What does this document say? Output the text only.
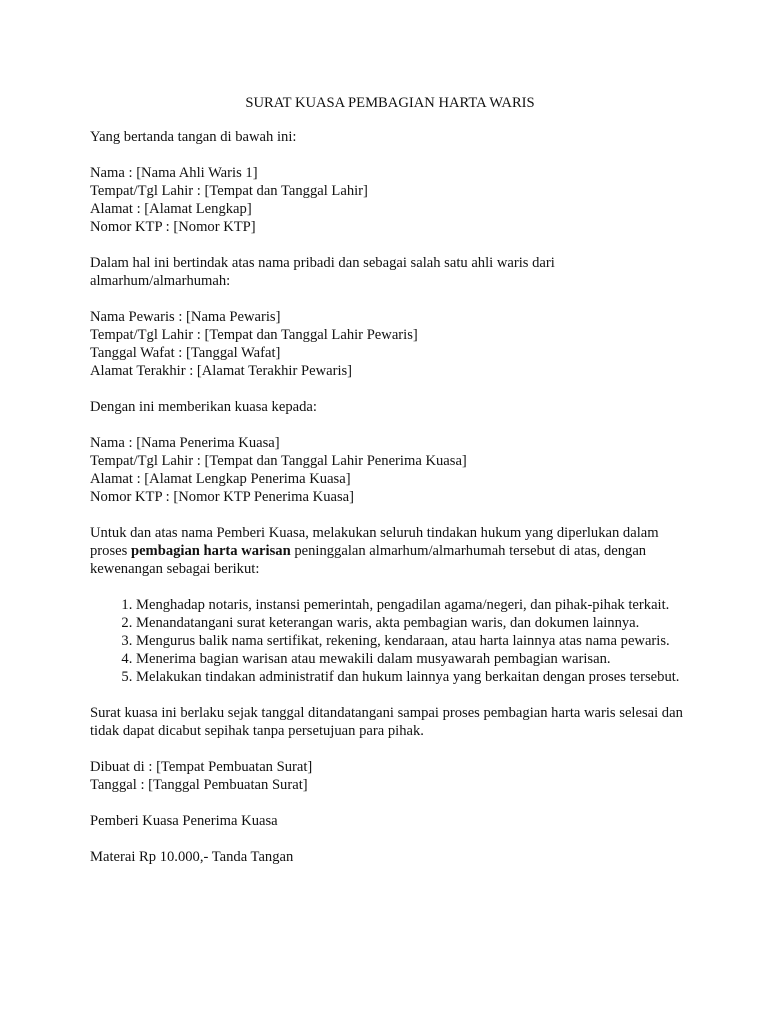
SURAT KUASA PEMBAGIAN HARTA WARIS

Yang bertanda tangan di bawah ini:

Nama : [Nama Ahli Waris 1]
Tempat/Tgl Lahir : [Tempat dan Tanggal Lahir]
Alamat : [Alamat Lengkap]
Nomor KTP : [Nomor KTP]

Dalam hal ini bertindak atas nama pribadi dan sebagai salah satu ahli waris dari almarhum/almarhumah:

Nama Pewaris : [Nama Pewaris]
Tempat/Tgl Lahir : [Tempat dan Tanggal Lahir Pewaris]
Tanggal Wafat : [Tanggal Wafat]
Alamat Terakhir : [Alamat Terakhir Pewaris]

Dengan ini memberikan kuasa kepada:

Nama : [Nama Penerima Kuasa]
Tempat/Tgl Lahir : [Tempat dan Tanggal Lahir Penerima Kuasa]
Alamat : [Alamat Lengkap Penerima Kuasa]
Nomor KTP : [Nomor KTP Penerima Kuasa]

Untuk dan atas nama Pemberi Kuasa, melakukan seluruh tindakan hukum yang diperlukan dalam proses pembagian harta warisan peninggalan almarhum/almarhumah tersebut di atas, dengan kewenangan sebagai berikut:

1. Menghadap notaris, instansi pemerintah, pengadilan agama/negeri, dan pihak-pihak terkait.
2. Menandatangani surat keterangan waris, akta pembagian waris, dan dokumen lainnya.
3. Mengurus balik nama sertifikat, rekening, kendaraan, atau harta lainnya atas nama pewaris.
4. Menerima bagian warisan atau mewakili dalam musyawarah pembagian warisan.
5. Melakukan tindakan administratif dan hukum lainnya yang berkaitan dengan proses tersebut.

Surat kuasa ini berlaku sejak tanggal ditandatangani sampai proses pembagian harta waris selesai dan tidak dapat dicabut sepihak tanpa persetujuan para pihak.

Dibuat di : [Tempat Pembuatan Surat]
Tanggal : [Tanggal Pembuatan Surat]

Pemberi Kuasa Penerima Kuasa

Materai Rp 10.000,- Tanda Tangan
